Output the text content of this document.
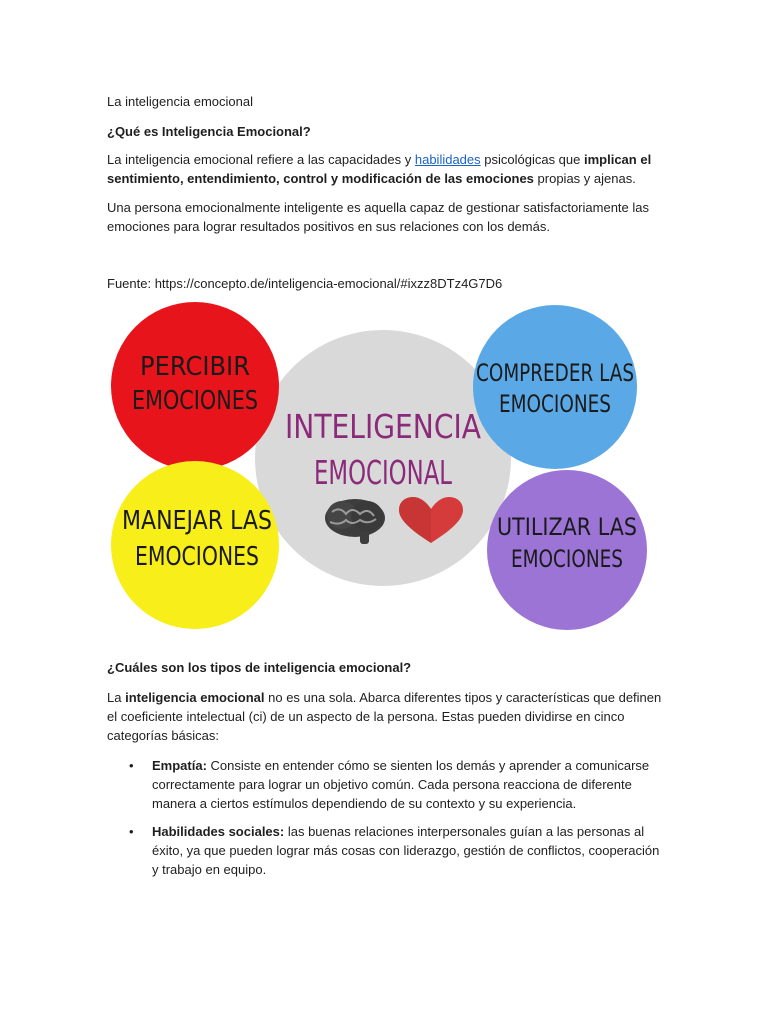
La inteligencia emocional

¿Qué es Inteligencia Emocional?

La inteligencia emocional refiere a las capacidades y habilidades psicológicas que implican el sentimiento, entendimiento, control y modificación de las emociones propias y ajenas.

Una persona emocionalmente inteligente es aquella capaz de gestionar satisfactoriamente las emociones para lograr resultados positivos en sus relaciones con los demás.

Fuente: https://concepto.de/inteligencia-emocional/#ixzz8DTz4G7D6

INTELIGENCIA
EMOCIONAL
PERCIBIR
EMOCIONES
COMPREDER LAS
EMOCIONES
MANEJAR LAS
EMOCIONES
UTILIZAR LAS
EMOCIONES

¿Cuáles son los tipos de inteligencia emocional?

La inteligencia emocional no es una sola. Abarca diferentes tipos y características que definen el coeficiente intelectual (ci) de un aspecto de la persona. Estas pueden dividirse en cinco categorías básicas:

• Empatía: Consiste en entender cómo se sienten los demás y aprender a comunicarse correctamente para lograr un objetivo común. Cada persona reacciona de diferente manera a ciertos estímulos dependiendo de su contexto y su experiencia.
• Habilidades sociales: las buenas relaciones interpersonales guían a las personas al éxito, ya que pueden lograr más cosas con liderazgo, gestión de conflictos, cooperación y trabajo en equipo.
